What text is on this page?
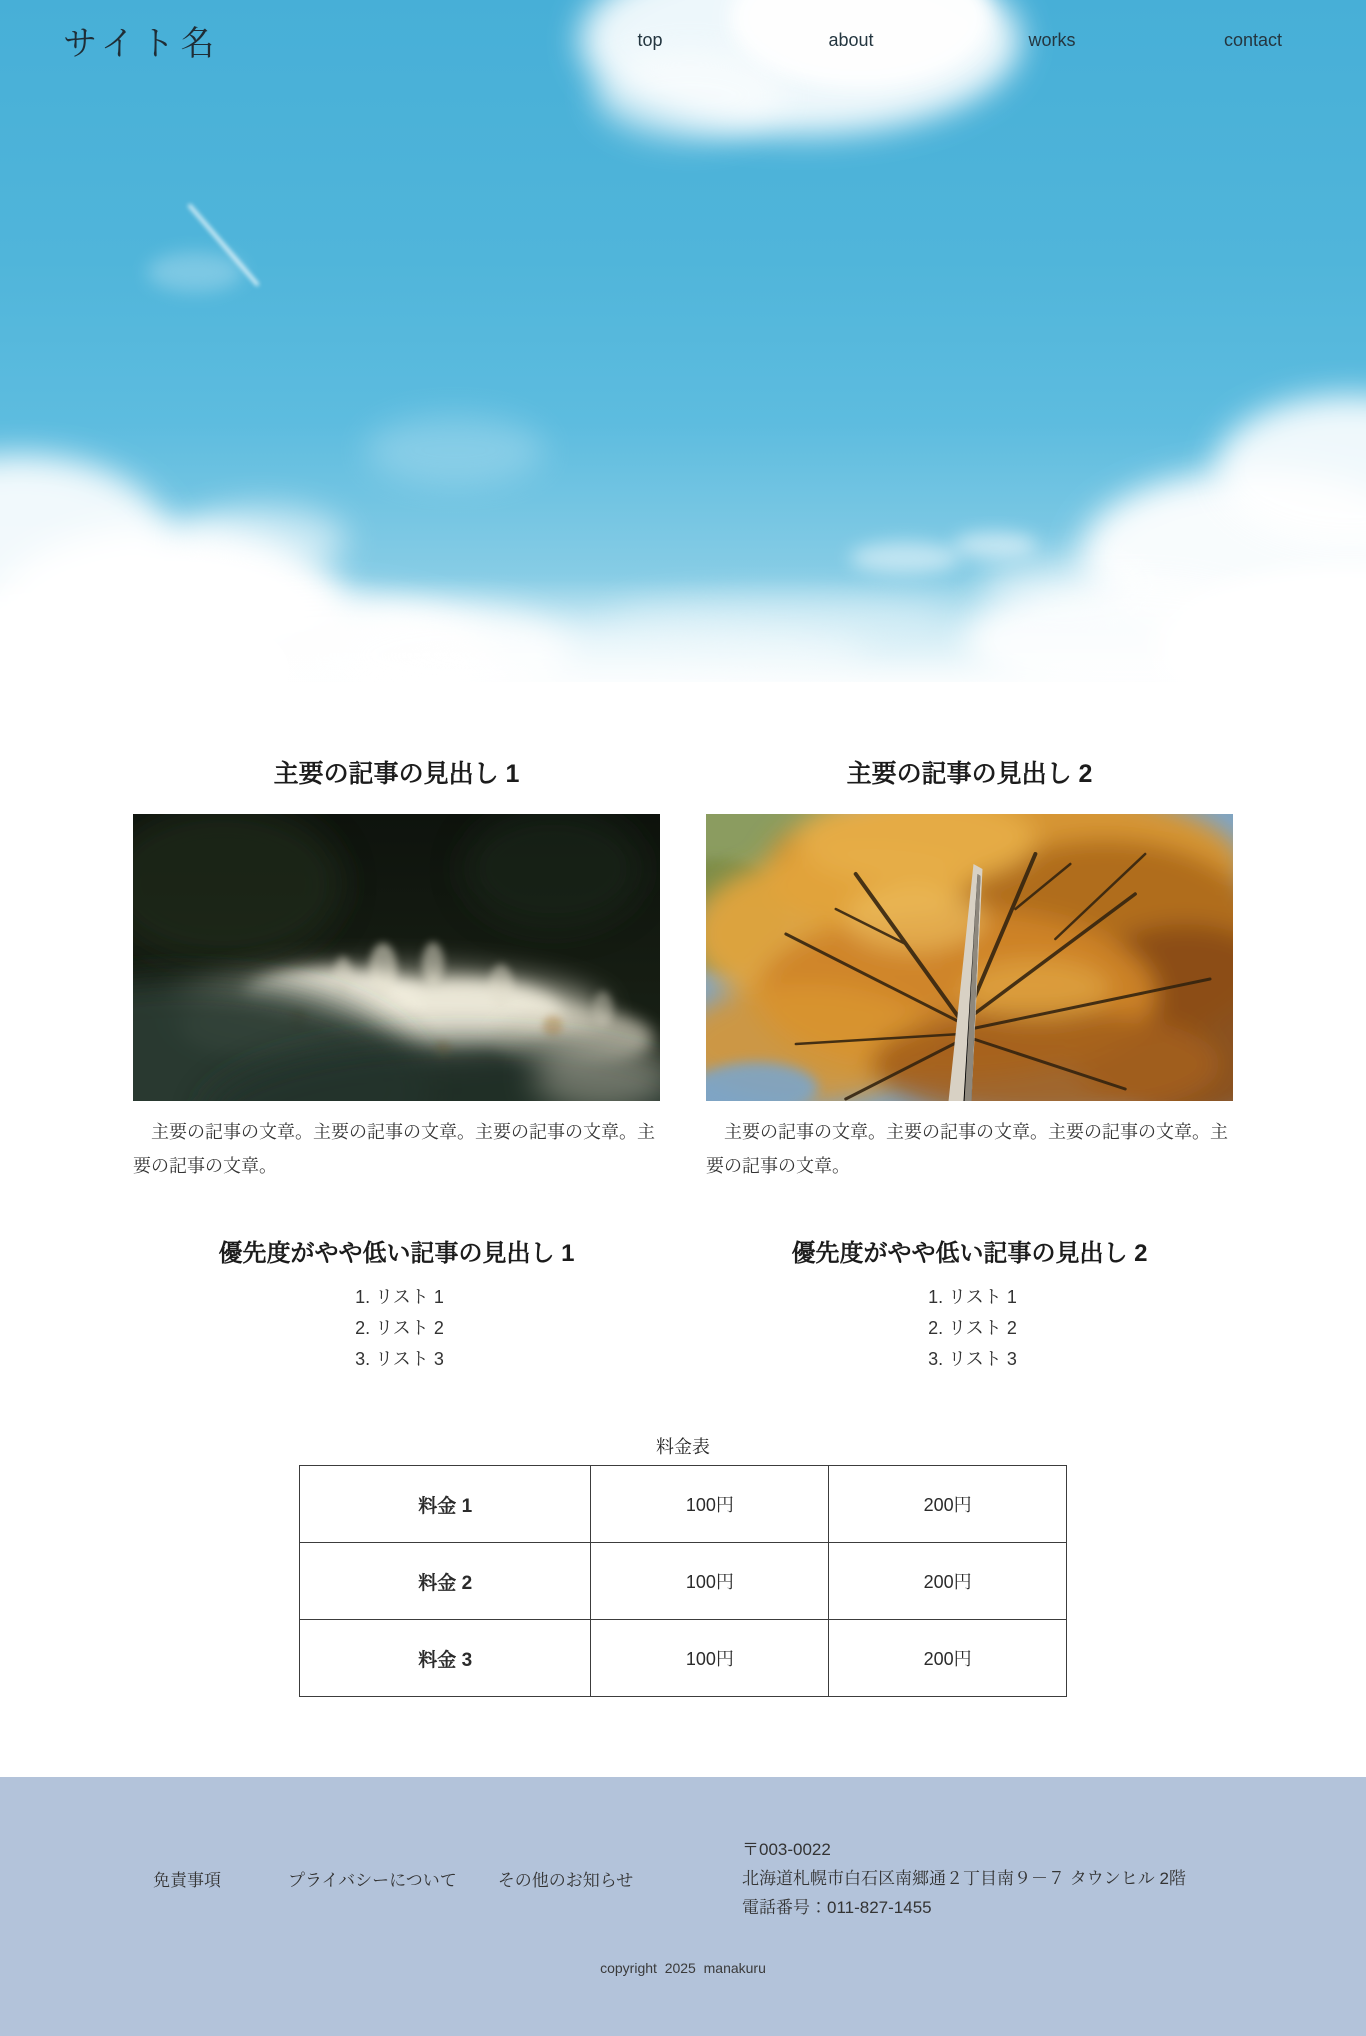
サイト名	top	about	works	contact
主要の記事の見出し 1

主要の記事の文章。主要の記事の文章。主要の記事の文章。主要の記事の文章。

主要の記事の見出し 2

主要の記事の文章。主要の記事の文章。主要の記事の文章。主要の記事の文章。

優先度がやや低い記事の見出し 1
1. リスト 1
2. リスト 2
3. リスト 3
優先度がやや低い記事の見出し 2
1. リスト 1
2. リスト 2
3. リスト 3
料金表
料金 1	100円	200円
料金 2	100円	200円
料金 3	100円	200円
免責事項	プライバシーについて その他のお知らせ
〒003-0022
北海道札幌市白石区南郷通２丁目南９－７ タウンヒル 2階
電話番号：011-827-1455
copyright  2025  manakuru
